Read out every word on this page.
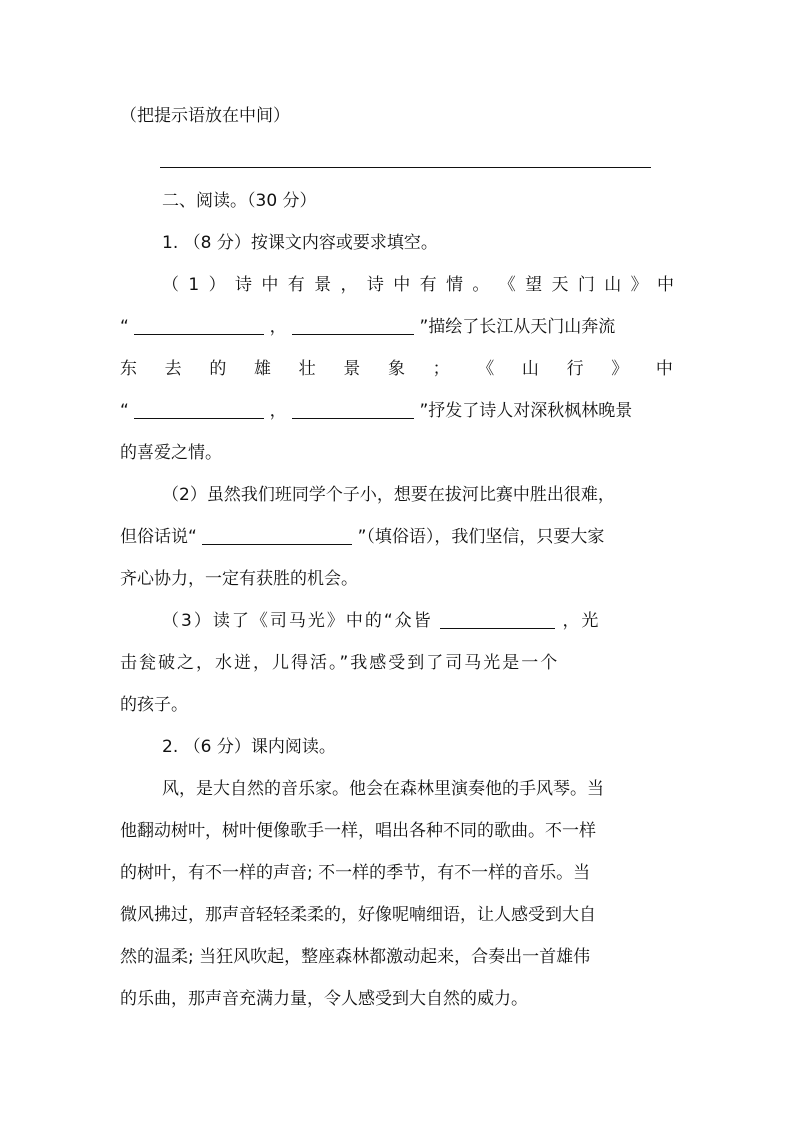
（把提示语放在中间）
二、阅读。（30 分）
1. （8 分）按课文内容或要求填空。
（ 1 ） 诗 中 有 景 ， 诗 中 有 情 。 《 望 天 门 山 》 中
“	，	”描绘了长江从天门山奔流
东 去 的 雄 壮 景 象 ； 《 山 行 》 中
“	，	”抒发了诗人对深秋枫林晚景
的喜爱之情。
（2）虽然我们班同学个子小，想要在拔河比赛中胜出很难，
但俗话说“	”（填俗语），我们坚信，只要大家
齐心协力，一定有获胜的机会。
（3）读了《司马光》中的“众皆	，光
击瓮破之，水迸，儿得活。”我感受到了司马光是一个
的孩子。
2. （6 分）课内阅读。
风，是大自然的音乐家。他会在森林里演奏他的手风琴。当
他翻动树叶，树叶便像歌手一样，唱出各种不同的歌曲。不一样
的树叶，有不一样的声音; 不一样的季节，有不一样的音乐。当
微风拂过，那声音轻轻柔柔的，好像呢喃细语，让人感受到大自
然的温柔; 当狂风吹起，整座森林都激动起来，合奏出一首雄伟
的乐曲，那声音充满力量，令人感受到大自然的威力。
